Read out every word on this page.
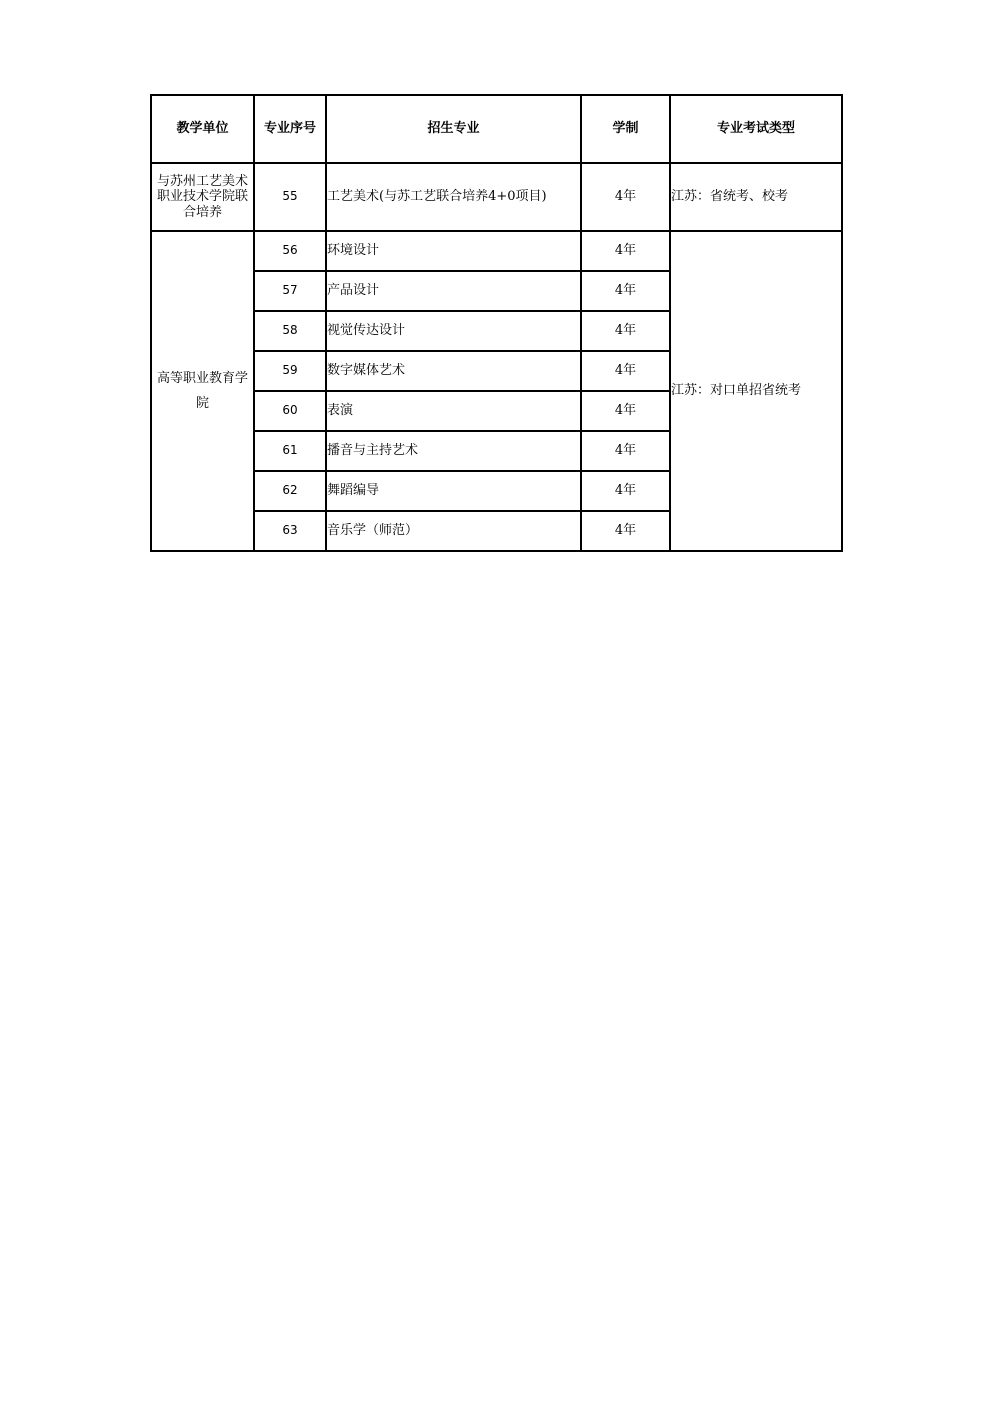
教学单位	专业序号	招生专业	学制	专业考试类型

与苏州工艺美术职业技术学院联合培养	55	工艺美术(与苏工艺联合培养4+0项目)	4年	江苏：省统考、校考

高等职业教育学院	56	环境设计	4年	江苏：对口单招省统考
	57	产品设计	4年	
	58	视觉传达设计	4年	
	59	数字媒体艺术	4年	
	60	表演	4年	
	61	播音与主持艺术	4年	
	62	舞蹈编导	4年	
	63	音乐学（师范）	4年	
